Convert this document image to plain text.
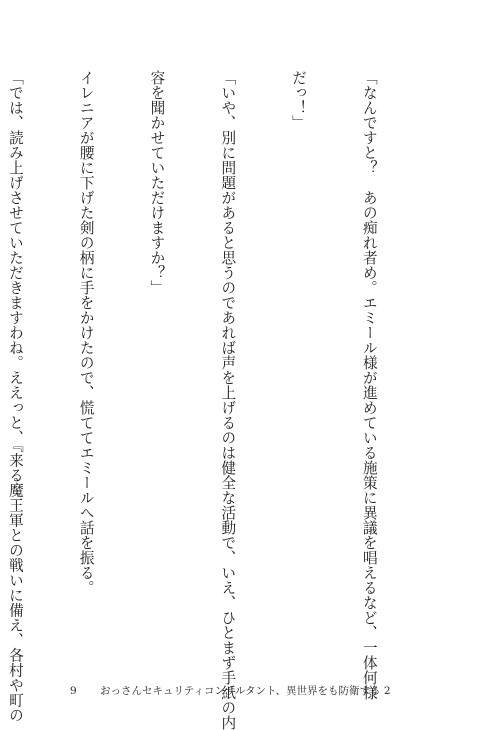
「なんですと？　あの痴れ者め。エミール様が進めている施策に異議を唱えるなど、一体何様

だっ！」

「いや、別に問題があると思うのであれば声を上げるのは健全な活動で、いえ、ひとまず手紙の内

容を聞かせていただけますか？」

イレニアが腰に下げた剣の柄に手をかけたので、慌ててエミールへ話を振る。

「では、読み上げさせていただきますわね。ええっと、『来る魔王軍との戦いに備え、各村や町の

	9 おっさんセキュリティコンサルタント、異世界をも防衛する 2
